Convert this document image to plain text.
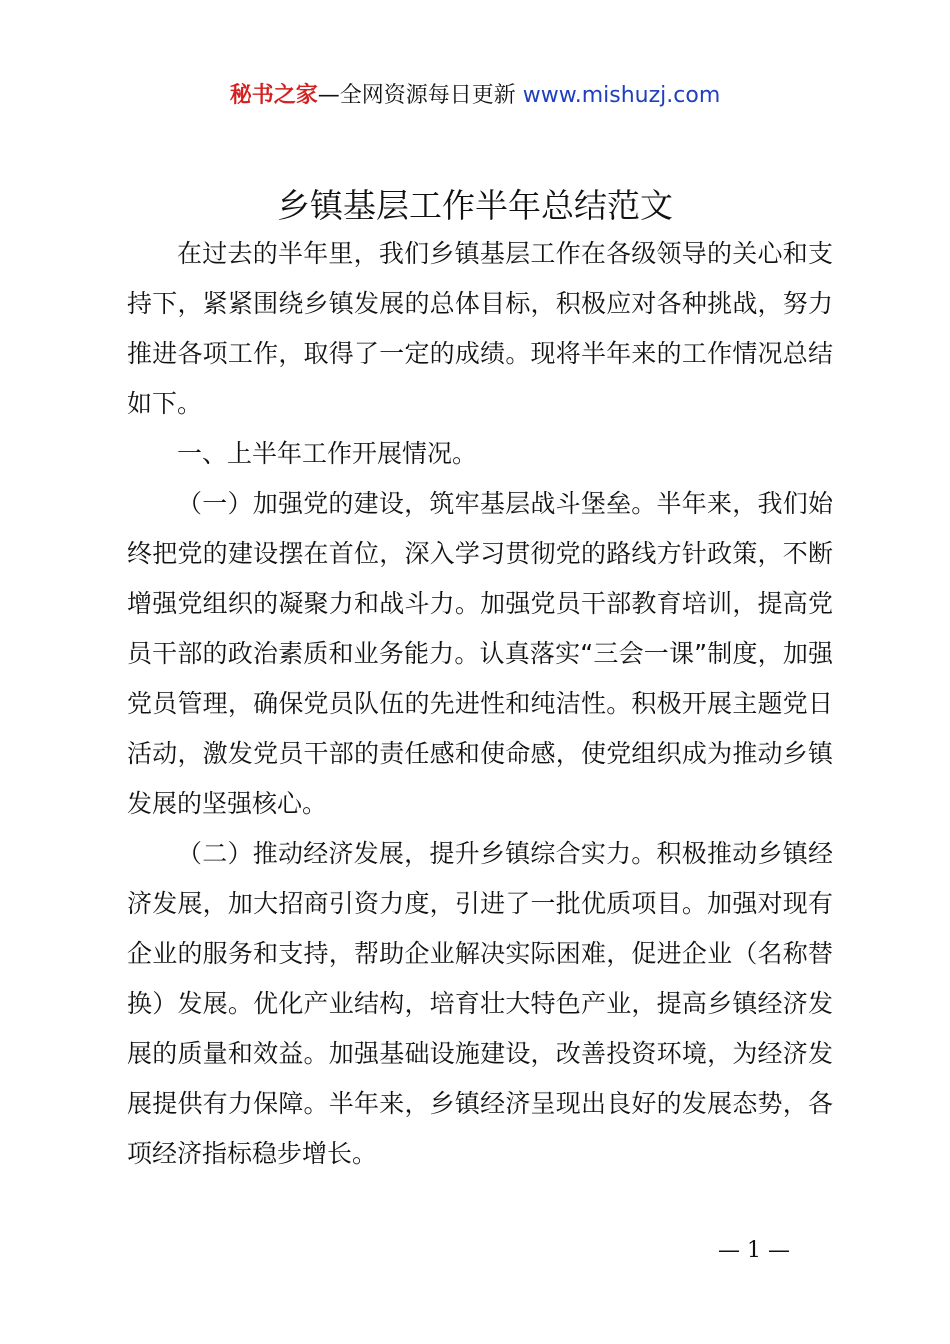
秘书之家—全网资源每日更新 www.mishuzj.com
乡镇基层工作半年总结范文

在过去的半年里，我们乡镇基层工作在各级领导的关心和支持下，紧紧围绕乡镇发展的总体目标，积极应对各种挑战，努力推进各项工作，取得了一定的成绩。现将半年来的工作情况总结如下。

一、上半年工作开展情况。

（一）加强党的建设，筑牢基层战斗堡垒。半年来，我们始终把党的建设摆在首位，深入学习贯彻党的路线方针政策，不断增强党组织的凝聚力和战斗力。加强党员干部教育培训，提高党员干部的政治素质和业务能力。认真落实“三会一课”制度，加强党员管理，确保党员队伍的先进性和纯洁性。积极开展主题党日活动，激发党员干部的责任感和使命感，使党组织成为推动乡镇发展的坚强核心。

（二）推动经济发展，提升乡镇综合实力。积极推动乡镇经济发展，加大招商引资力度，引进了一批优质项目。加强对现有企业的服务和支持，帮助企业解决实际困难，促进企业（名称替换）发展。优化产业结构，培育壮大特色产业，提高乡镇经济发展的质量和效益。加强基础设施建设，改善投资环境，为经济发展提供有力保障。半年来，乡镇经济呈现出良好的发展态势，各项经济指标稳步增长。

— 1 —
